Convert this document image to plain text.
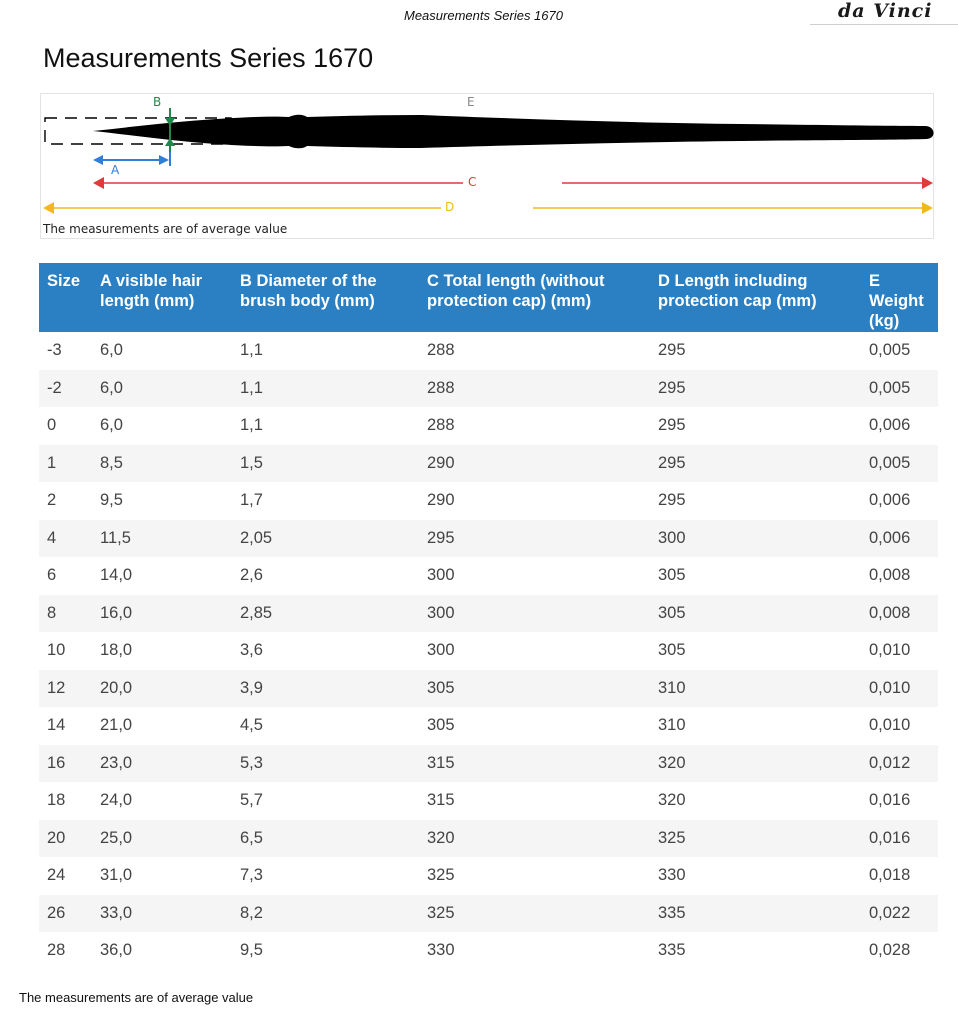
Measurements Series 1670	da Vinci
Measurements Series 1670
B	E
A
C
D
The measurements are of average value
Size	A visible hair length (mm)	B Diameter of the brush body (mm)	C Total length (without protection cap) (mm)	D Length including protection cap (mm)	E Weight (kg)
-3	6,0	1,1	288	295	0,005
-2	6,0	1,1	288	295	0,005
0	6,0	1,1	288	295	0,006
1	8,5	1,5	290	295	0,005
2	9,5	1,7	290	295	0,006
4	11,5	2,05	295	300	0,006
6	14,0	2,6	300	305	0,008
8	16,0	2,85	300	305	0,008
10	18,0	3,6	300	305	0,010
12	20,0	3,9	305	310	0,010
14	21,0	4,5	305	310	0,010
16	23,0	5,3	315	320	0,012
18	24,0	5,7	315	320	0,016
20	25,0	6,5	320	325	0,016
24	31,0	7,3	325	330	0,018
26	33,0	8,2	325	335	0,022
28	36,0	9,5	330	335	0,028
The measurements are of average value
